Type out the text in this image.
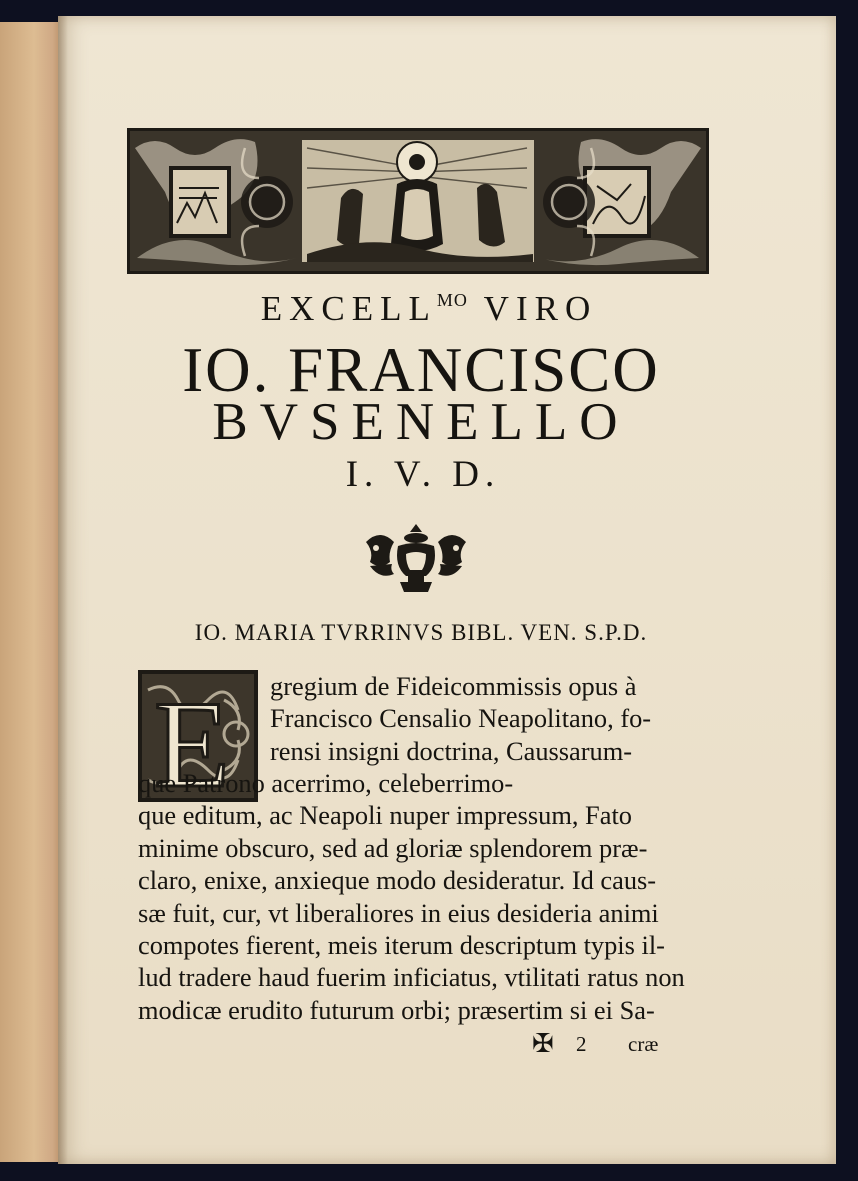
$EXCELL^{MO}$ VIRO
IO. FRANCISCO
BVSENELLO
I. V. D.
IO. MARIA TVRRINVS BIBL. VEN. S.P.D.
E gregium de Fideicommissis opus à
Francisco Censalio Neapolitano, fo-
rensi insigni doctrina, Caussarum-
que Patrono acerrimo, celeberrimo-
que editum, ac Neapoli nuper impressum, Fato
minime obscuro, sed ad gloriæ splendorem præ-
claro, enixe, anxieque modo desideratur. Id caus-
sæ fuit, cur, vt liberaliores in eius desideria animi
compotes fierent, meis iterum descriptum typis il-
lud tradere haud fuerim inficiatus, vtilitati ratus non
modicæ erudito futurum orbi; præsertim si ei Sa-
✠ 2 cræ
